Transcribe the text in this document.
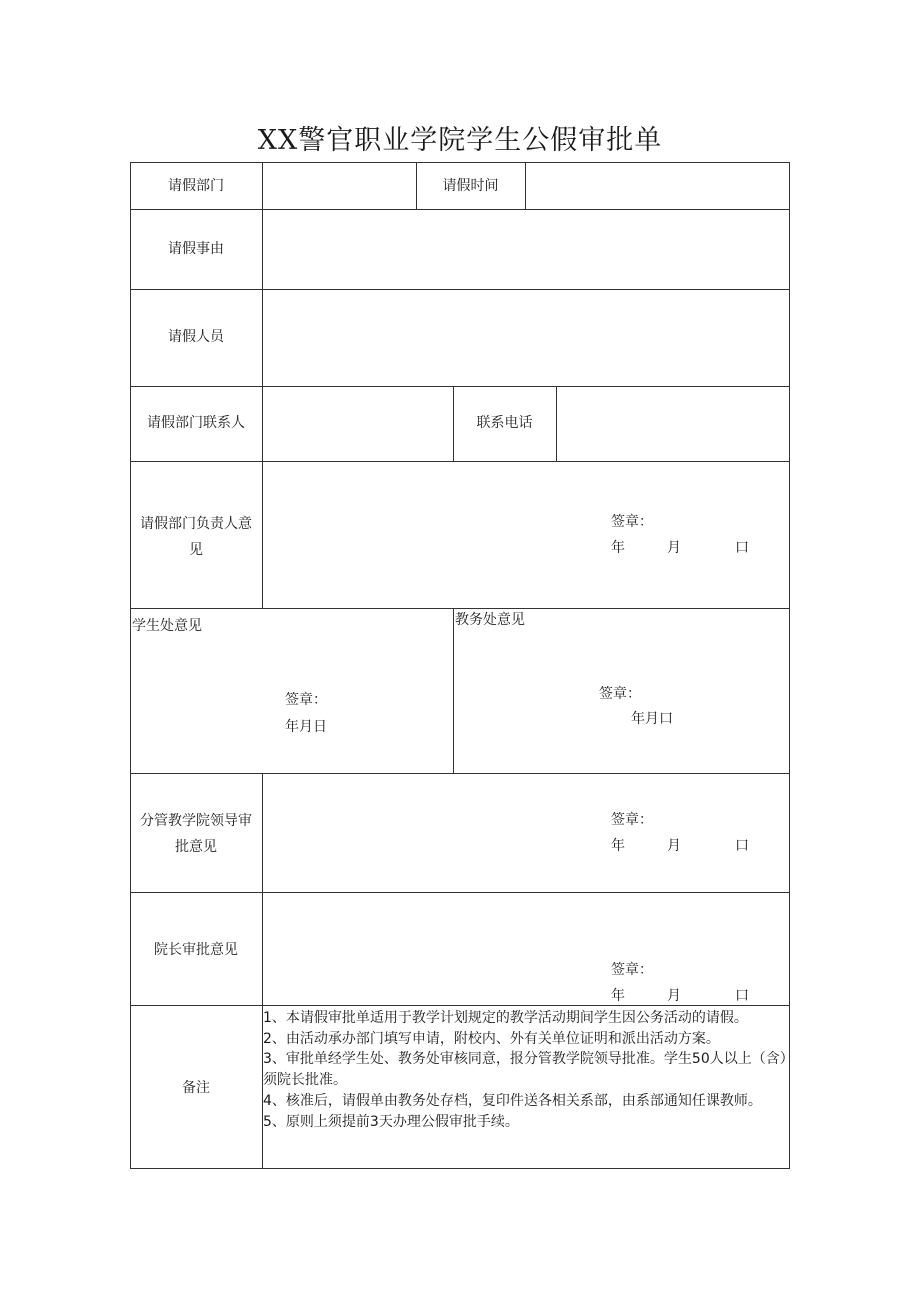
XX警官职业学院学生公假审批单
请假部门	请假时间
请假事由
请假人员
请假部门联系人	联系电话
请假部门负责人意
见
签章：
年	月	口
学生处意见
签章：
年月日
教务处意见
签章：
年月口
分管教学院领导审
批意见
签章：
年	月	口
院长审批意见
签章：
年	月	口
备注
1、本请假审批单适用于教学计划规定的教学活动期间学生因公务活动的请假。
2、由活动承办部门填写申请，附校内、外有关单位证明和派出活动方案。
3、审批单经学生处、教务处审核同意，报分管教学院领导批准。学生50人以上（含）须院长批准。
4、核准后，请假单由教务处存档，复印件送各相关系部，由系部通知任课教师。
5、原则上须提前3天办理公假审批手续。
